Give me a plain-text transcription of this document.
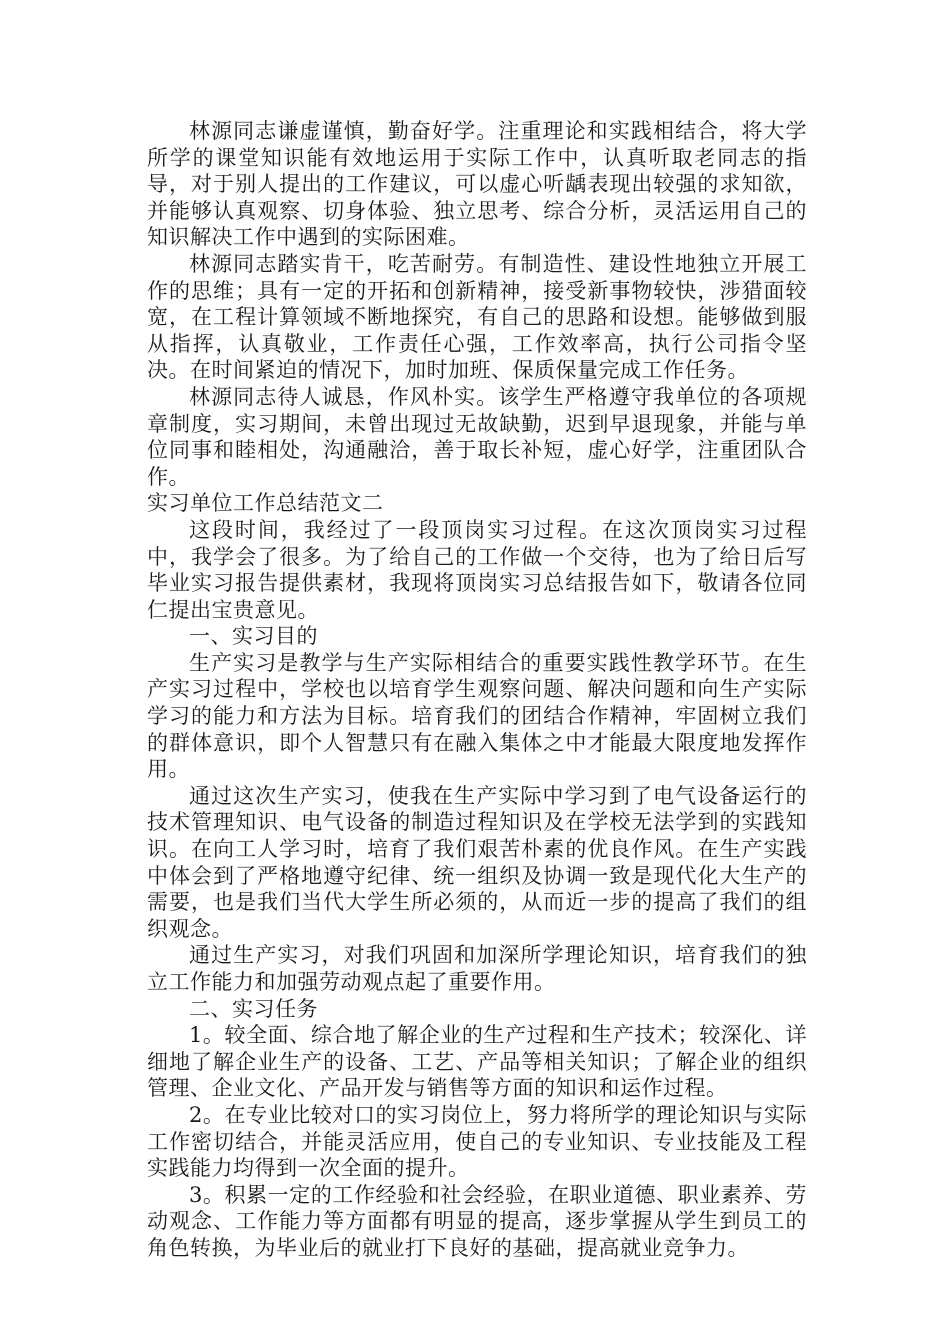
林源同志谦虚谨慎，勤奋好学。注重理论和实践相结合，将大学所学的课堂知识能有效地运用于实际工作中，认真听取老同志的指导，对于别人提出的工作建议，可以虚心听龋表现出较强的求知欲，并能够认真观察、切身体验、独立思考、综合分析，灵活运用自己的知识解决工作中遇到的实际困难。

林源同志踏实肯干，吃苦耐劳。有制造性、建设性地独立开展工作的思维；具有一定的开拓和创新精神，接受新事物较快，涉猎面较宽，在工程计算领域不断地探究，有自己的思路和设想。能够做到服从指挥，认真敬业，工作责任心强，工作效率高，执行公司指令坚决。在时间紧迫的情况下，加时加班、保质保量完成工作任务。

林源同志待人诚恳，作风朴实。该学生严格遵守我单位的各项规章制度，实习期间，未曾出现过无故缺勤，迟到早退现象，并能与单位同事和睦相处，沟通融洽，善于取长补短，虚心好学，注重团队合作。

实习单位工作总结范文二

这段时间，我经过了一段顶岗实习过程。在这次顶岗实习过程中，我学会了很多。为了给自己的工作做一个交待，也为了给日后写毕业实习报告提供素材，我现将顶岗实习总结报告如下，敬请各位同仁提出宝贵意见。

一、实习目的

生产实习是教学与生产实际相结合的重要实践性教学环节。在生产实习过程中，学校也以培育学生观察问题、解决问题和向生产实际学习的能力和方法为目标。培育我们的团结合作精神，牢固树立我们的群体意识，即个人智慧只有在融入集体之中才能最大限度地发挥作用。

通过这次生产实习，使我在生产实际中学习到了电气设备运行的技术管理知识、电气设备的制造过程知识及在学校无法学到的实践知识。在向工人学习时，培育了我们艰苦朴素的优良作风。在生产实践中体会到了严格地遵守纪律、统一组织及协调一致是现代化大生产的需要，也是我们当代大学生所必须的，从而近一步的提高了我们的组织观念。

通过生产实习，对我们巩固和加深所学理论知识，培育我们的独立工作能力和加强劳动观点起了重要作用。

二、实习任务

1。较全面、综合地了解企业的生产过程和生产技术；较深化、详细地了解企业生产的设备、工艺、产品等相关知识；了解企业的组织管理、企业文化、产品开发与销售等方面的知识和运作过程。

2。在专业比较对口的实习岗位上，努力将所学的理论知识与实际工作密切结合，并能灵活应用，使自己的专业知识、专业技能及工程实践能力均得到一次全面的提升。

3。积累一定的工作经验和社会经验，在职业道德、职业素养、劳动观念、工作能力等方面都有明显的提高，逐步掌握从学生到员工的角色转换，为毕业后的就业打下良好的基础，提高就业竞争力。
